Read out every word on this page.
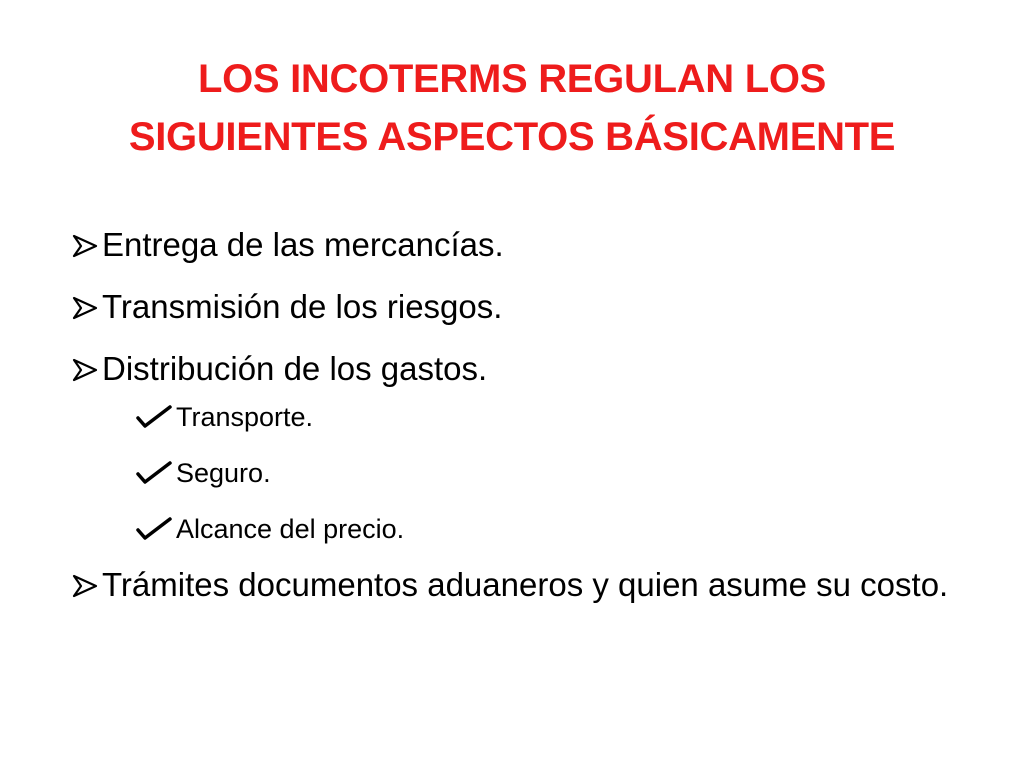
LOS INCOTERMS REGULAN LOS
SIGUIENTES ASPECTOS BÁSICAMENTE
Entrega de las mercancías.
Transmisión de los riesgos.
Distribución de los gastos.
Transporte.
Seguro.
Alcance del precio.
Trámites documentos aduaneros y quien asume su costo.
